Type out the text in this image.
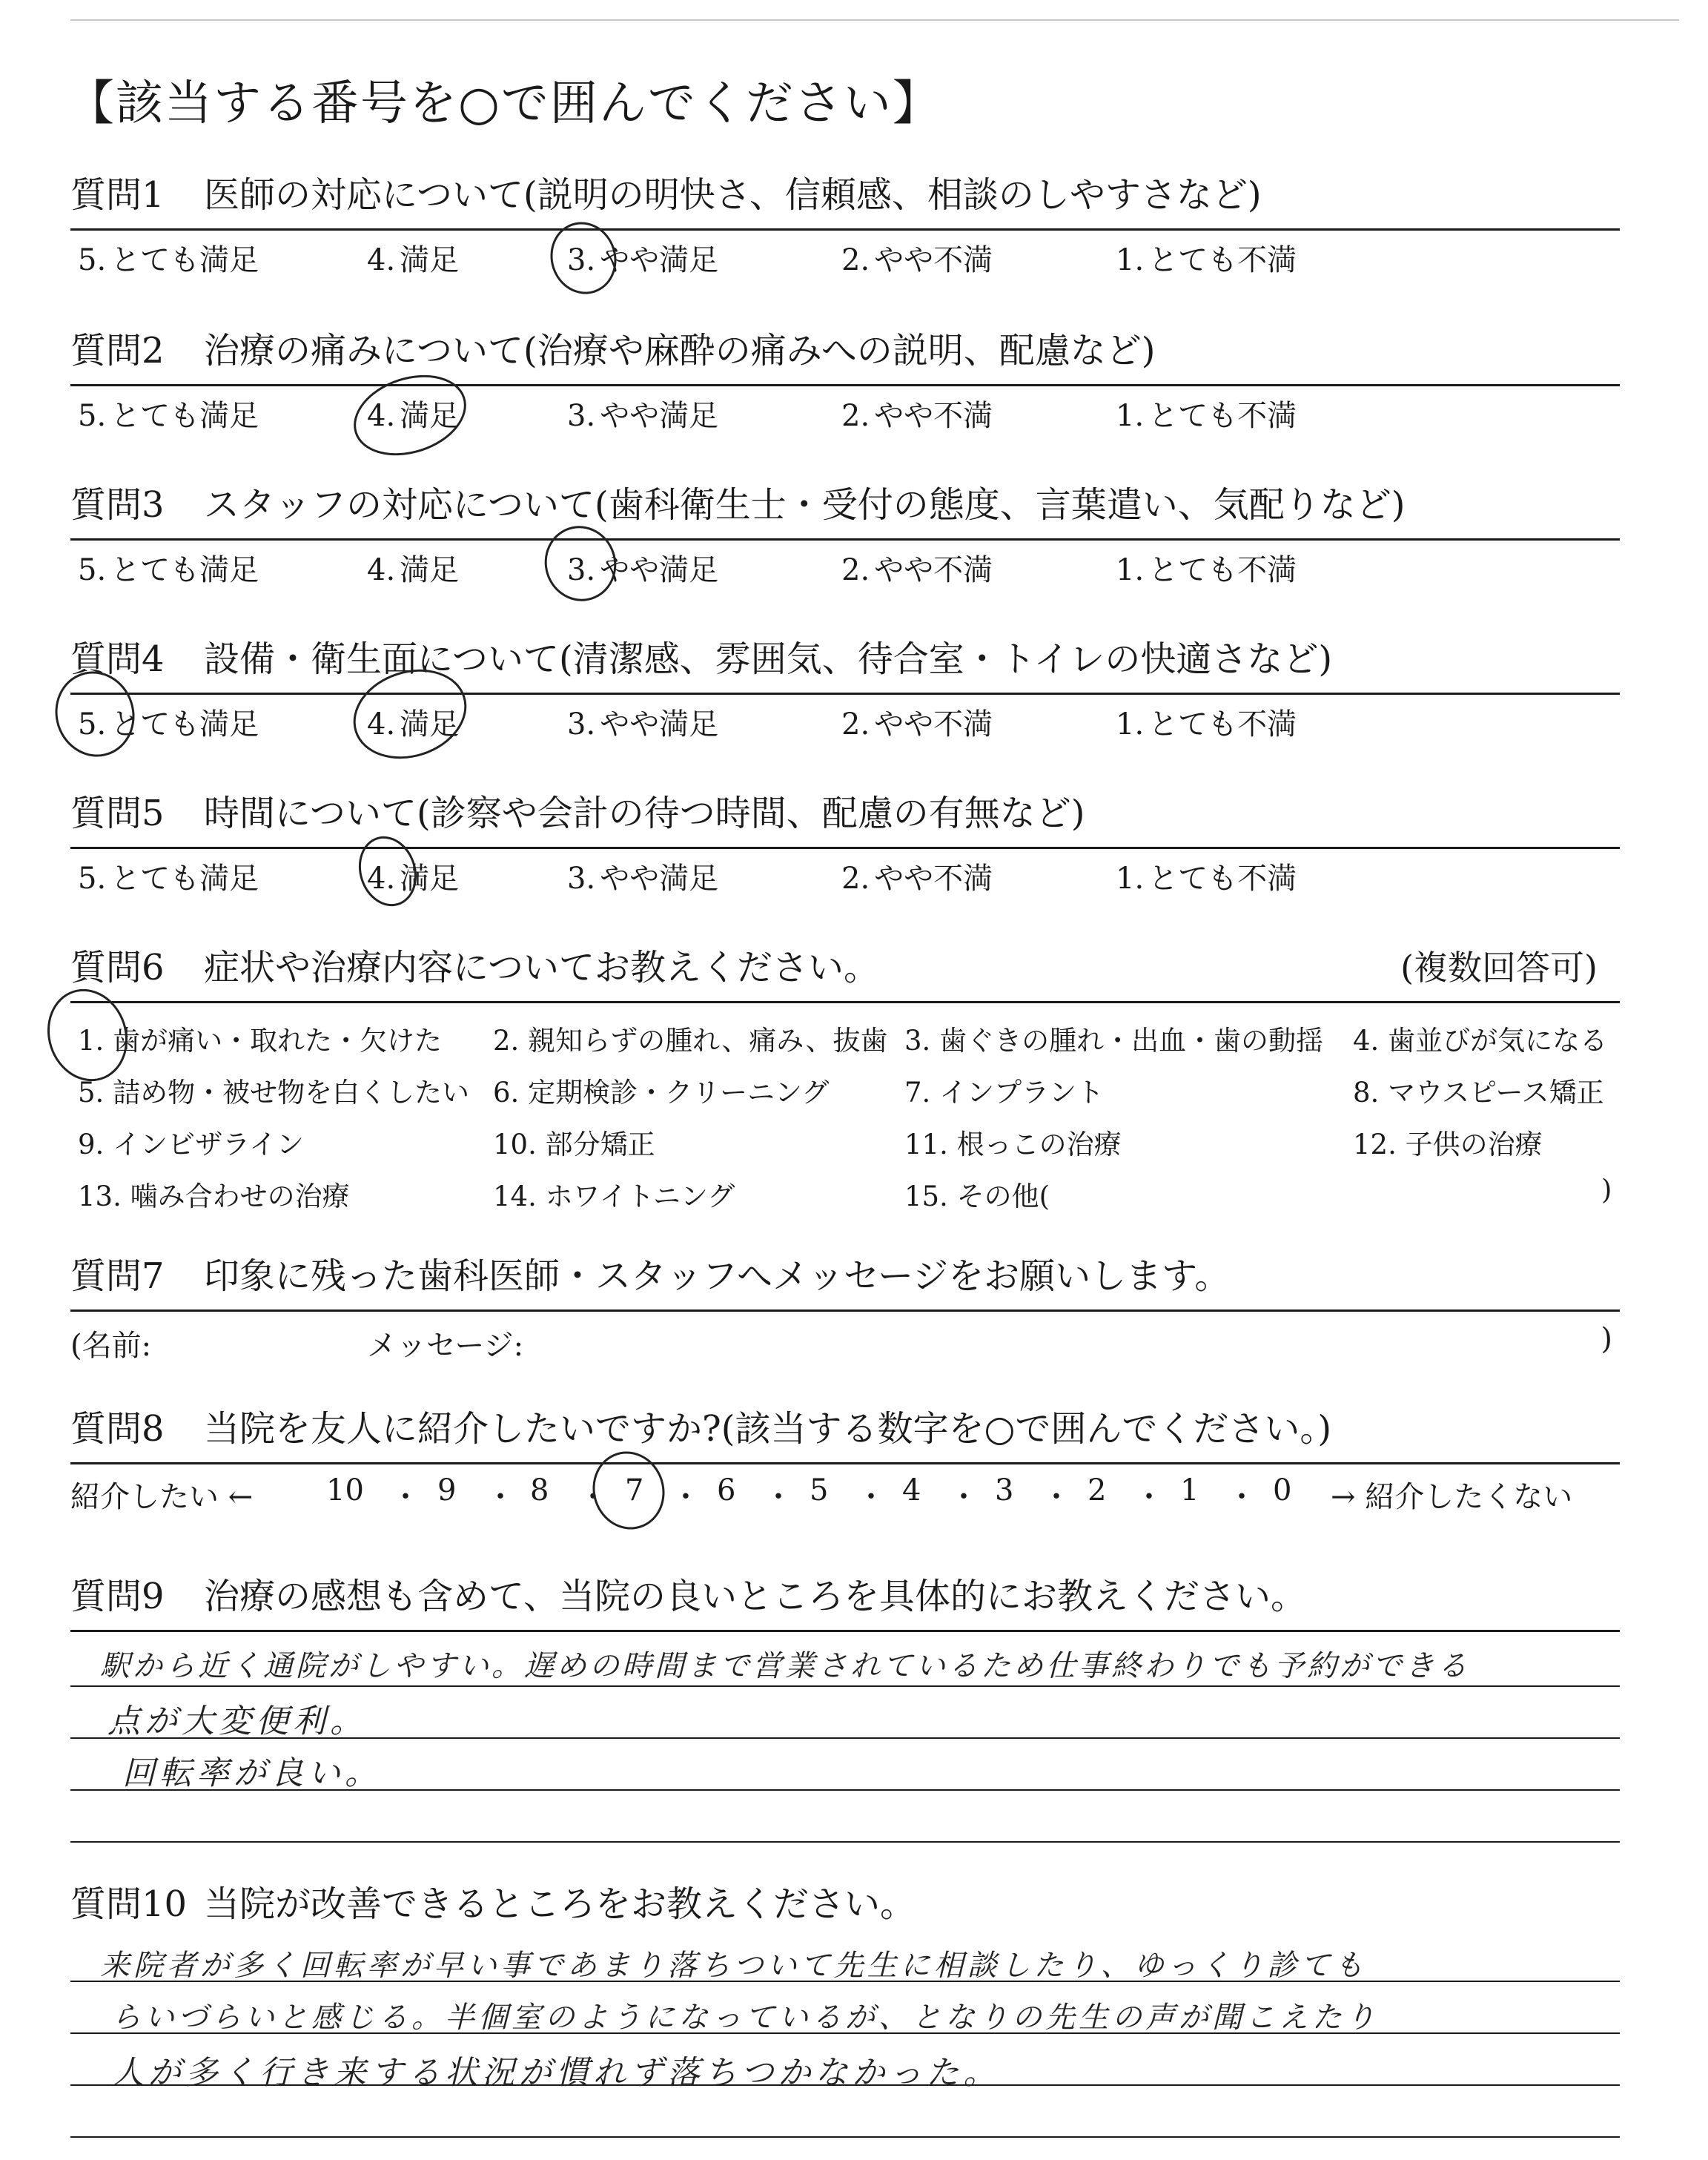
【該当する番号を○で囲んでください】
質問1 医師の対応について(説明の明快さ、信頼感、相談のしやすさなど)
5. とても満足	4. 満足	3. やや満足	2. やや不満	1. とても不満
質問2 治療の痛みについて(治療や麻酔の痛みへの説明、配慮など)
5. とても満足	4. 満足	3. やや満足	2. やや不満	1. とても不満
質問3 スタッフの対応について(歯科衛生士・受付の態度、言葉遣い、気配りなど)
5. とても満足	4. 満足	3. やや満足	2. やや不満	1. とても不満
質問4 設備・衛生面について(清潔感、雰囲気、待合室・トイレの快適さなど)
5. とても満足	4. 満足	3. やや満足	2. やや不満	1. とても不満
質問5 時間について(診察や会計の待つ時間、配慮の有無など)
5. とても満足	4. 満足	3. やや満足	2. やや不満	1. とても不満
質問6 症状や治療内容についてお教えください。	(複数回答可)
1. 歯が痛い・取れた・欠けた 2. 親知らずの腫れ、痛み、抜歯 3. 歯ぐきの腫れ・出血・歯の動揺 4. 歯並びが気になる
5. 詰め物・被せ物を白くしたい 6. 定期検診・クリーニング	7. インプラント	8. マウスピース矯正
9. インビザライン	10. 部分矯正	11. 根っこの治療	12. 子供の治療
13. 噛み合わせの治療	14. ホワイトニング	15. その他(	)
質問7 印象に残った歯科医師・スタッフへメッセージをお願いします。
(名前:	メッセージ:	)
質問8 当院を友人に紹介したいですか?(該当する数字を○で囲んでください。)
紹介したい ← 10 ・ 9 ・ 8 ・ 7 ・ 6 ・ 5 ・ 4 ・ 3 ・ 2 ・ 1 ・ 0 → 紹介したくない
質問9 治療の感想も含めて、当院の良いところを具体的にお教えください。
駅から近く通院がしやすい。遅めの時間まで営業されているため仕事終わりでも予約ができる
点が大変便利。
回転率が良い。
質問10 当院が改善できるところをお教えください。
来院者が多く回転率が早い事であまり落ちついて先生に相談したり、ゆっくり診ても
らいづらいと感じる。半個室のようになっているが、となりの先生の声が聞こえたり
人が多く行き来する状況が慣れず落ちつかなかった。
